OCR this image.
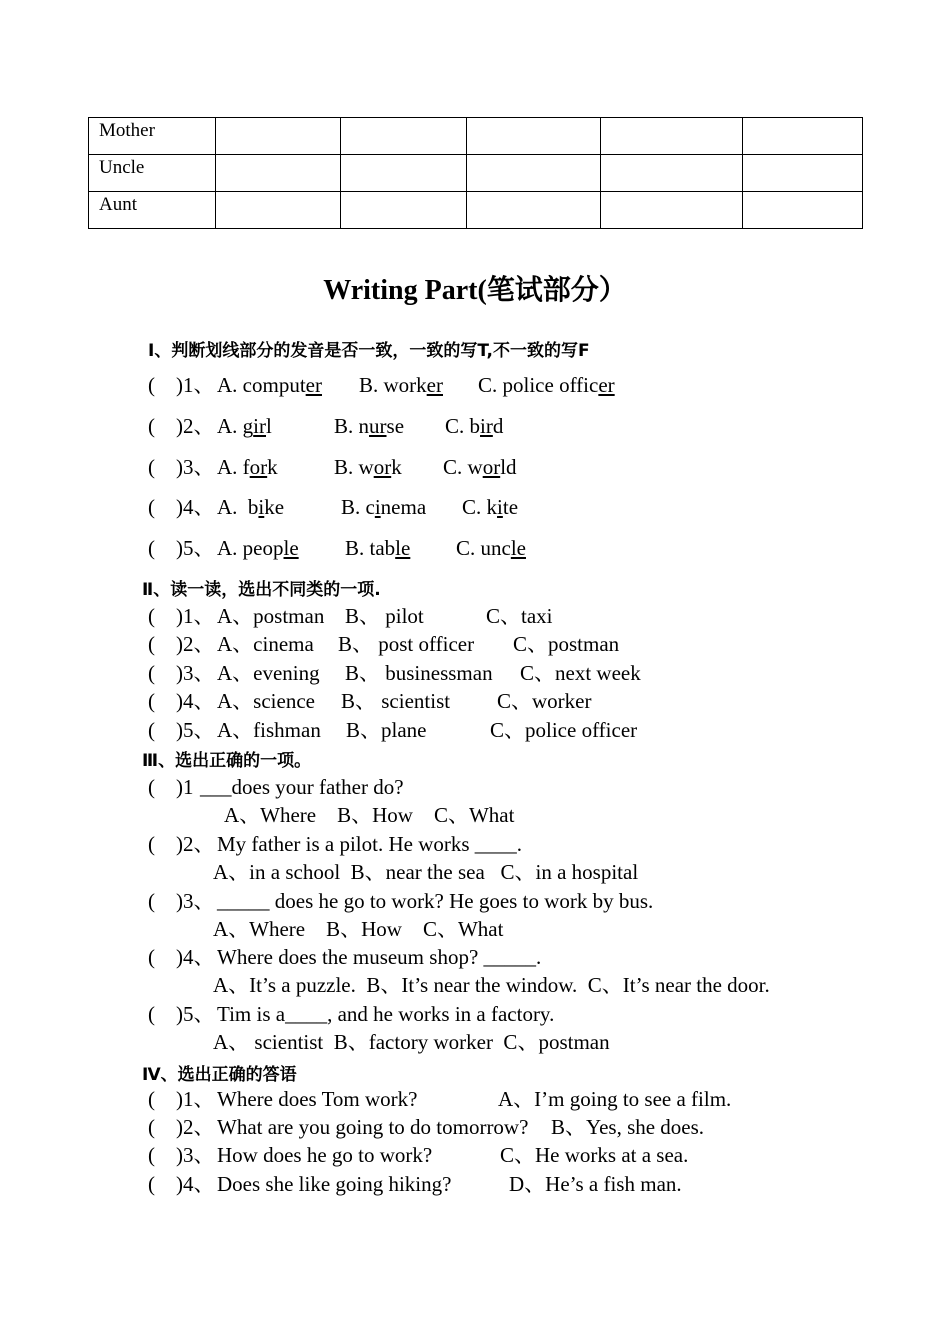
Mother					
Uncle					
Aunt					
Writing Part(笔试部分）
Ⅰ、判断划线部分的发音是否一致，一致的写T,不一致的写F
(    )1、 A. computer B. worker C. police officer
(    )2、 A. girl	B. nurse C. bird
(    )3、 A. fork	B. work C. world
(    )4、 A.  bike	B. cinema C. kite
(    )5、 A. people B. table C. uncle
Ⅱ、读一读，选出不同类的一项.
(    )1、 A、postman B、 pilot	C、taxi
(    )2、 A、cinema B、 post officer C、postman
(    )3、 A、evening B、 businessman C、next week
(    )4、 A、science B、 scientist C、worker
(    )5、 A、fishman B、plane	C、police officer
Ⅲ、选出正确的一项。
(    )1 ___does your father do?
A、Where    B、How    C、What
(    )2、 My father is a pilot. He works ____.
A、in a school  B、near the sea   C、in a hospital
(    )3、 _____ does he go to work? He goes to work by bus.
A、Where    B、How    C、What
(    )4、 Where does the museum shop? _____.
A、It’s a puzzle.  B、It’s near the window.  C、It’s near the door.
(    )5、 Tim is a____, and he works in a factory.
A、 scientist  B、factory worker  C、postman
Ⅳ、选出正确的答语
(    )1、 Where does Tom work?	A、I’m going to see a film.
(    )2、 What are you going to do tomorrow? B、Yes, she does.
(    )3、 How does he go to work?	C、He works at a sea.
(    )4、 Does she like going hiking?	D、He’s a fish man.
